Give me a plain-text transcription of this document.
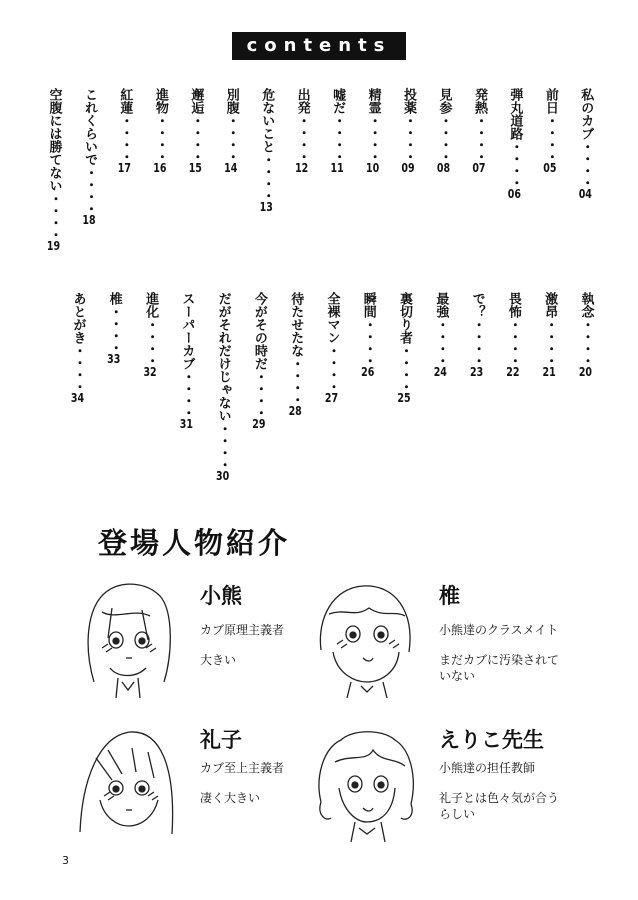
contents
私のカブ・・・・04
前日・・・・05
弾丸道路・・・・06
発熱・・・・07
見参・・・・08
投薬・・・・09
精霊・・・・10
嘘だ・・・・11
出発・・・・12
危ないこと・・・・13
別腹・・・・14
邂逅・・・・15
進物・・・・16
紅蓮・・・・17
これくらいで・・・・18
空腹には勝てない・・・・19
執念・・・・20
激昂・・・・21
畏怖・・・・22
で？・・・・23
最強・・・・24
裏切り者・・・・25
瞬間・・・・26
全裸マン・・・・27
待たせたな・・・・28
今がその時だ・・・・29
だがそれだけじゃない・・・・30
スーパーカブ・・・・31
進化・・・・32
椎・・・・33
あとがき・・・・34
登場人物紹介
小熊
カブ原理主義者
大きい
椎
小熊達のクラスメイト
まだカブに汚染されて
いない
礼子
カブ至上主義者
凄く大きい
えりこ先生
小熊達の担任教師
礼子とは色々気が合う
らしい
3
